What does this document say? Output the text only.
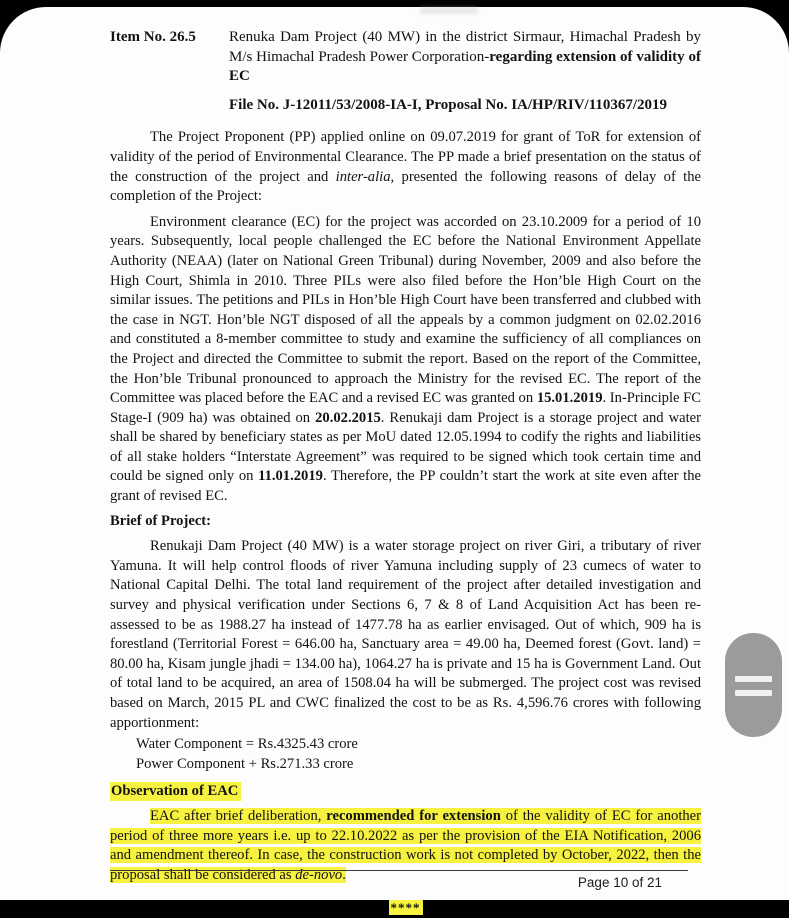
Item No. 26.5	Renuka Dam Project (40 MW) in the district Sirmaur, Himachal Pradesh by M/s Himachal Pradesh Power Corporation-regarding extension of validity of EC

File No. J-12011/53/2008-IA-I, Proposal No. IA/HP/RIV/110367/2019

The Project Proponent (PP) applied online on 09.07.2019 for grant of ToR for extension of validity of the period of Environmental Clearance. The PP made a brief presentation on the status of the construction of the project and inter-alia, presented the following reasons of delay of the completion of the Project:

Environment clearance (EC) for the project was accorded on 23.10.2009 for a period of 10 years. Subsequently, local people challenged the EC before the National Environment Appellate Authority (NEAA) (later on National Green Tribunal) during November, 2009 and also before the High Court, Shimla in 2010. Three PILs were also filed before the Hon’ble High Court on the similar issues. The petitions and PILs in Hon’ble High Court have been transferred and clubbed with the case in NGT. Hon’ble NGT disposed of all the appeals by a common judgment on 02.02.2016 and constituted a 8-member committee to study and examine the sufficiency of all compliances on the Project and directed the Committee to submit the report. Based on the report of the Committee, the Hon’ble Tribunal pronounced to approach the Ministry for the revised EC. The report of the Committee was placed before the EAC and a revised EC was granted on 15.01.2019. In-Principle FC Stage-I (909 ha) was obtained on 20.02.2015. Renukaji dam Project is a storage project and water shall be shared by beneficiary states as per MoU dated 12.05.1994 to codify the rights and liabilities of all stake holders “Interstate Agreement” was required to be signed which took certain time and could be signed only on 11.01.2019. Therefore, the PP couldn’t start the work at site even after the grant of revised EC.

Brief of Project:

Renukaji Dam Project (40 MW) is a water storage project on river Giri, a tributary of river Yamuna. It will help control floods of river Yamuna including supply of 23 cumecs of water to National Capital Delhi. The total land requirement of the project after detailed investigation and survey and physical verification under Sections 6, 7 & 8 of Land Acquisition Act has been re-assessed to be as 1988.27 ha instead of 1477.78 ha as earlier envisaged. Out of which, 909 ha is forestland (Territorial Forest = 646.00 ha, Sanctuary area = 49.00 ha, Deemed forest (Govt. land) = 80.00 ha, Kisam jungle jhadi = 134.00 ha), 1064.27 ha is private and 15 ha is Government Land. Out of total land to be acquired, an area of 1508.04 ha will be submerged. The project cost was revised based on March, 2015 PL and CWC finalized the cost to be as Rs. 4,596.76 crores with following apportionment:

Water Component = Rs.4325.43 crore

Power Component + Rs.271.33 crore

Observation of EAC

EAC after brief deliberation, recommended for extension of the validity of EC for another period of three more years i.e. up to 22.10.2022 as per the provision of the EIA Notification, 2006 and amendment thereof. In case, the construction work is not completed by October, 2022, then the proposal shall be considered as de-novo.

****

Page 10 of 21
